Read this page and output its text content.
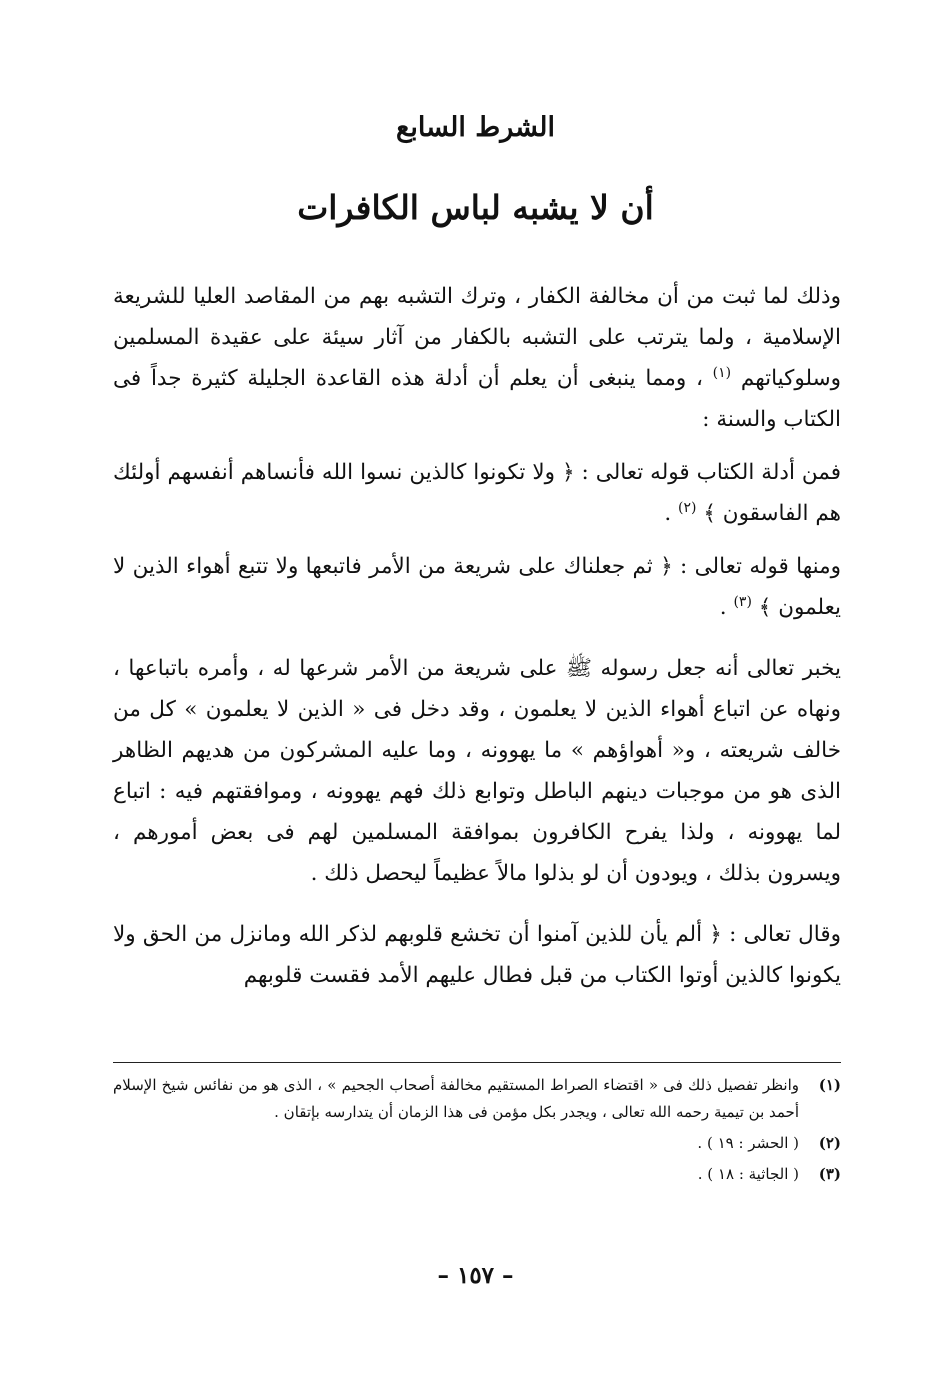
الشرط السابع
أن لا يشبه لباس الكافرات

وذلك لما ثبت من أن مخالفة الكفار ، وترك التشبه بهم من المقاصد العليا للشريعة الإسلامية ، ولما يترتب على التشبه بالكفار من آثار سيئة على عقيدة المسلمين وسلوكياتهم $^{(١)}$ ، ومما ينبغى أن يعلم أن أدلة هذه القاعدة الجليلة كثيرة جداً فى الكتاب والسنة :

فمن أدلة الكتاب قوله تعالى : ﴿ ولا تكونوا كالذين نسوا الله فأنساهم أنفسهم أولئك هم الفاسقون ﴾ $^{(٢)}$ .

ومنها قوله تعالى : ﴿ ثم جعلناك على شريعة من الأمر فاتبعها ولا تتبع أهواء الذين لا يعلمون ﴾ $^{(٣)}$ .

يخبر تعالى أنه جعل رسوله ﷺ على شريعة من الأمر شرعها له ، وأمره باتباعها ، ونهاه عن اتباع أهواء الذين لا يعلمون ، وقد دخل فى « الذين لا يعلمون » كل من خالف شريعته ، و« أهواؤهم » ما يهوونه ، وما عليه المشركون من هديهم الظاهر الذى هو من موجبات دينهم الباطل وتوابع ذلك فهم يهوونه ، وموافقتهم فيه : اتباع لما يهوونه ، ولذا يفرح الكافرون بموافقة المسلمين لهم فى بعض أمورهم ، ويسرون بذلك ، ويودون أن لو بذلوا مالاً عظيماً ليحصل ذلك .

وقال تعالى : ﴿ ألم يأن للذين آمنوا أن تخشع قلوبهم لذكر الله ومانزل من الحق ولا يكونوا كالذين أوتوا الكتاب من قبل فطال عليهم الأمد فقست قلوبهم

(١)
وانظر تفصيل ذلك فى « اقتضاء الصراط المستقيم مخالفة أصحاب الجحيم » ، الذى هو من نفائس شيخ الإسلام أحمد بن تيمية رحمه الله تعالى ، ويجدر بكل مؤمن فى هذا الزمان أن يتدارسه بإتقان .
(٢)
( الحشر : ١٩ ) .
(٣)
( الجاثية : ١٨ ) .
– ١٥٧ –
